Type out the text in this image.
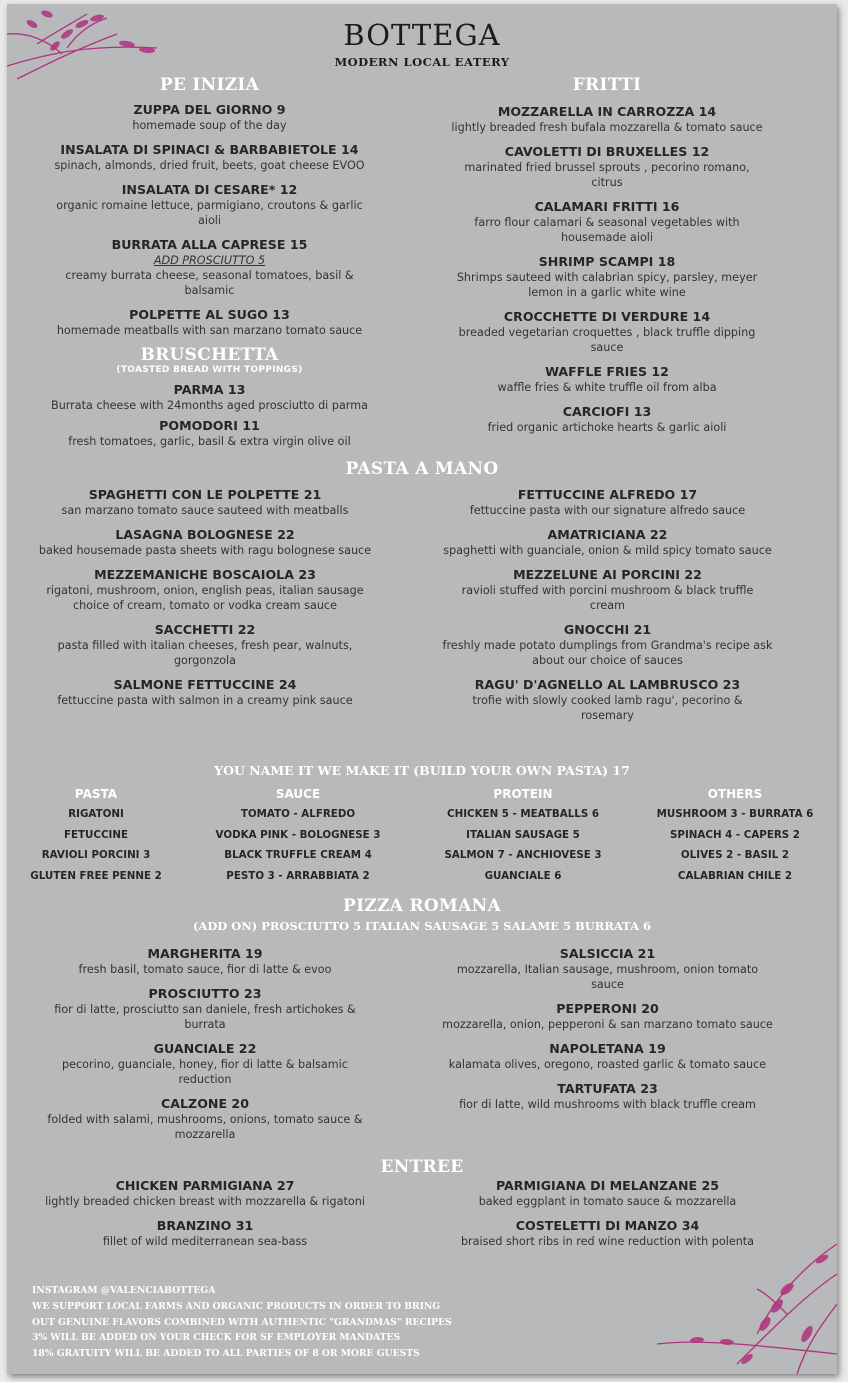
BOTTEGA
MODERN LOCAL EATERY
PE INIZIA
ZUPPA DEL GIORNO 9
homemade soup of the day
INSALATA DI SPINACI & BARBABIETOLE 14
spinach, almonds, dried fruit, beets, goat cheese EVOO
INSALATA DI CESARE* 12
organic romaine lettuce, parmigiano, croutons & garlic aioli
BURRATA ALLA CAPRESE 15
ADD PROSCIUTTO 5
creamy burrata cheese, seasonal tomatoes, basil & balsamic
POLPETTE AL SUGO 13
homemade meatballs with san marzano tomato sauce
BRUSCHETTA
(TOASTED BREAD WITH TOPPINGS)
PARMA 13
Burrata cheese with 24months aged prosciutto di parma
POMODORI 11
fresh tomatoes, garlic, basil & extra virgin olive oil
FRITTI
MOZZARELLA IN CARROZZA 14
lightly breaded fresh bufala mozzarella & tomato sauce
CAVOLETTI DI BRUXELLES 12
marinated fried brussel sprouts , pecorino romano, citrus
CALAMARI FRITTI 16
farro flour calamari & seasonal vegetables with housemade aioli
SHRIMP SCAMPI 18
Shrimps sauteed with calabrian spicy, parsley, meyer lemon in a garlic white wine
CROCCHETTE DI VERDURE 14
breaded vegetarian croquettes , black truffle dipping sauce
WAFFLE FRIES 12
waffle fries & white truffle oil from alba
CARCIOFI 13
fried organic artichoke hearts & garlic aioli
PASTA A MANO
SPAGHETTI CON LE POLPETTE 21
san marzano tomato sauce sauteed with meatballs
LASAGNA BOLOGNESE 22
baked housemade pasta sheets with ragu bolognese sauce
MEZZEMANICHE BOSCAIOLA 23
rigatoni, mushroom, onion, english peas, italian sausage choice of cream, tomato or vodka cream sauce
SACCHETTI 22
pasta filled with italian cheeses, fresh pear, walnuts, gorgonzola
SALMONE FETTUCCINE 24
fettuccine pasta with salmon in a creamy pink sauce
FETTUCCINE ALFREDO 17
fettuccine pasta with our signature alfredo sauce
AMATRICIANA 22
spaghetti with guanciale, onion & mild spicy tomato sauce
MEZZELUNE AI PORCINI 22
ravioli stuffed with porcini mushroom & black truffle cream
GNOCCHI 21
freshly made potato dumplings from Grandma's recipe ask about our choice of sauces
RAGU' D'AGNELLO AL LAMBRUSCO 23
trofie with slowly cooked lamb ragu', pecorino & rosemary
YOU NAME IT WE MAKE IT (BUILD YOUR OWN PASTA) 17
PASTA
RIGATONI
FETUCCINE
RAVIOLI PORCINI 3
GLUTEN FREE PENNE 2
SAUCE
TOMATO - ALFREDO
VODKA PINK - BOLOGNESE 3
BLACK TRUFFLE CREAM 4
PESTO 3 - ARRABBIATA 2
PROTEIN
CHICKEN 5 - MEATBALLS 6
ITALIAN SAUSAGE 5
SALMON 7 - ANCHIOVESE 3
GUANCIALE 6
OTHERS
MUSHROOM 3 - BURRATA 6
SPINACH 4 - CAPERS 2
OLIVES 2 - BASIL 2
CALABRIAN CHILE 2
PIZZA ROMANA
(ADD ON) PROSCIUTTO 5 ITALIAN SAUSAGE 5 SALAME 5 BURRATA 6
MARGHERITA 19
fresh basil, tomato sauce, fior di latte & evoo
PROSCIUTTO 23
fior di latte, prosciutto san daniele, fresh artichokes & burrata
GUANCIALE 22
pecorino, guanciale, honey, fior di latte & balsamic reduction
CALZONE 20
folded with salami, mushrooms, onions, tomato sauce & mozzarella
SALSICCIA 21
mozzarella, Italian sausage, mushroom, onion tomato sauce
PEPPERONI 20
mozzarella, onion, pepperoni & san marzano tomato sauce
NAPOLETANA 19
kalamata olives, oregono, roasted garlic & tomato sauce
TARTUFATA 23
fior di latte, wild mushrooms with black truffle cream
ENTREE
CHICKEN PARMIGIANA 27
lightly breaded chicken breast with mozzarella & rigatoni
BRANZINO 31
fillet of wild mediterranean sea-bass
PARMIGIANA DI MELANZANE 25
baked eggplant in tomato sauce & mozzarella
COSTELETTI DI MANZO 34
braised short ribs in red wine reduction with polenta
INSTAGRAM @VALENCIABOTTEGA
WE SUPPORT LOCAL FARMS AND ORGANIC PRODUCTS IN ORDER TO BRING
OUT GENUINE FLAVORS COMBINED WITH AUTHENTIC "GRANDMAS" RECIPES
3% WILL BE ADDED ON YOUR CHECK FOR SF EMPLOYER MANDATES
18% GRATUITY WILL BE ADDED TO ALL PARTIES OF 8 OR MORE GUESTS
